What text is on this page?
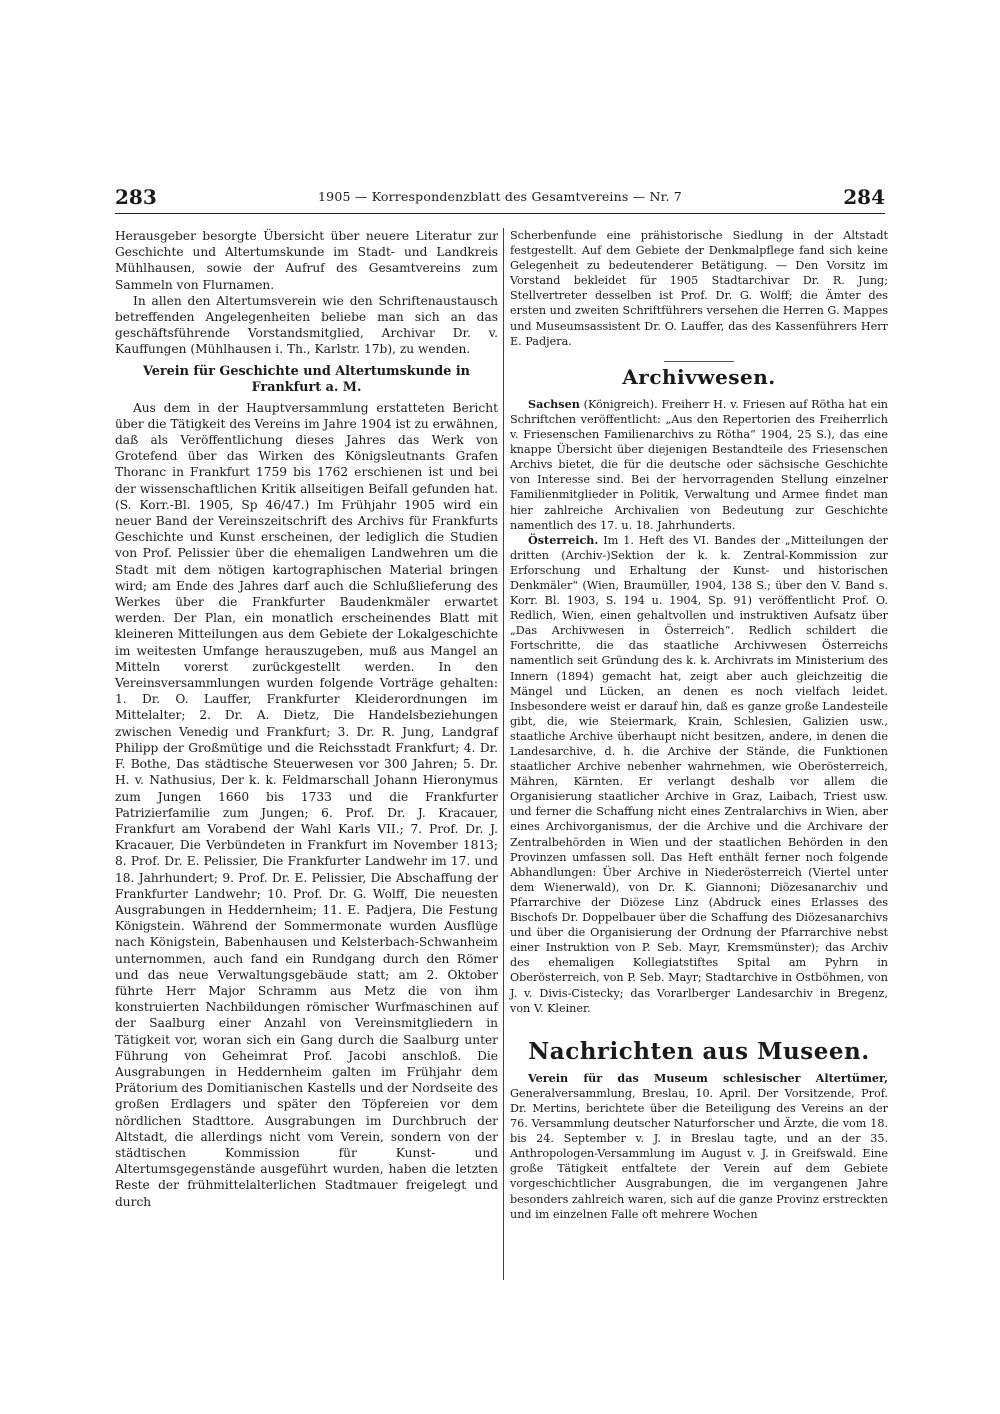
283	1905 — Korrespondenzblatt des Gesamtvereins — Nr. 7	284

Herausgeber besorgte Übersicht über neuere Literatur zur Geschichte und Altertumskunde im Stadt- und Landkreis Mühlhausen, sowie der Aufruf des Gesamtvereins zum Sammeln von Flurnamen.

In allen den Altertumsverein wie den Schriftenaustausch betreffenden Angelegenheiten beliebe man sich an das geschäftsführende Vorstandsmitglied, Archivar Dr. v. Kauffungen (Mühlhausen i. Th., Karlstr. 17b), zu wenden.

Verein für Geschichte und Altertumskunde in Frankfurt a. M.

Aus dem in der Hauptversammlung erstatteten Bericht über die Tätigkeit des Vereins im Jahre 1904 ist zu erwähnen, daß als Veröffentlichung dieses Jahres das Werk von Grotefend über das Wirken des Königsleutnants Grafen Thoranc in Frankfurt 1759 bis 1762 erschienen ist und bei der wissenschaftlichen Kritik allseitigen Beifall gefunden hat. (S. Korr.-Bl. 1905, Sp 46/47.) Im Frühjahr 1905 wird ein neuer Band der Vereinszeitschrift des Archivs für Frankfurts Geschichte und Kunst erscheinen, der lediglich die Studien von Prof. Pelissier über die ehemaligen Landwehren um die Stadt mit dem nötigen kartographischen Material bringen wird; am Ende des Jahres darf auch die Schlußlieferung des Werkes über die Frankfurter Baudenkmäler erwartet werden. Der Plan, ein monatlich erscheinendes Blatt mit kleineren Mitteilungen aus dem Gebiete der Lokalgeschichte im weitesten Umfange herauszugeben, muß aus Mangel an Mitteln vorerst zurückgestellt werden. In den Vereinsversammlungen wurden folgende Vorträge gehalten: 1. Dr. O. Lauffer, Frankfurter Kleiderordnungen im Mittelalter; 2. Dr. A. Dietz, Die Handelsbeziehungen zwischen Venedig und Frankfurt; 3. Dr. R. Jung, Landgraf Philipp der Großmütige und die Reichsstadt Frankfurt; 4. Dr. F. Bothe, Das städtische Steuerwesen vor 300 Jahren; 5. Dr. H. v. Nathusius, Der k. k. Feldmarschall Johann Hieronymus zum Jungen 1660 bis 1733 und die Frankfurter Patrizierfamilie zum Jungen; 6. Prof. Dr. J. Kracauer, Frankfurt am Vorabend der Wahl Karls VII.; 7. Prof. Dr. J. Kracauer, Die Verbündeten in Frankfurt im November 1813; 8. Prof. Dr. E. Pelissier, Die Frankfurter Landwehr im 17. und 18. Jahrhundert; 9. Prof. Dr. E. Pelissier, Die Abschaffung der Frankfurter Landwehr; 10. Prof. Dr. G. Wolff, Die neuesten Ausgrabungen in Heddernheim; 11. E. Padjera, Die Festung Königstein. Während der Sommermonate wurden Ausflüge nach Königstein, Babenhausen und Kelsterbach-Schwanheim unternommen, auch fand ein Rundgang durch den Römer und das neue Verwaltungsgebäude statt; am 2. Oktober führte Herr Major Schramm aus Metz die von ihm konstruierten Nachbildungen römischer Wurfmaschinen auf der Saalburg einer Anzahl von Vereinsmitgliedern in Tätigkeit vor, woran sich ein Gang durch die Saalburg unter Führung von Geheimrat Prof. Jacobi anschloß. Die Ausgrabungen in Heddernheim galten im Frühjahr dem Prätorium des Domitianischen Kastells und der Nordseite des großen Erdlagers und später den Töpfereien vor dem nördlichen Stadttore. Ausgrabungen im Durchbruch der Altstadt, die allerdings nicht vom Verein, sondern von der städtischen Kommission für Kunst- und Altertumsgegenstände ausgeführt wurden, haben die letzten Reste der frühmittelalterlichen Stadtmauer freigelegt und durch

Scherbenfunde eine prähistorische Siedlung in der Altstadt festgestellt. Auf dem Gebiete der Denkmalpflege fand sich keine Gelegenheit zu bedeutenderer Betätigung. — Den Vorsitz im Vorstand bekleidet für 1905 Stadtarchivar Dr. R. Jung; Stellvertreter desselben ist Prof. Dr. G. Wolff; die Ämter des ersten und zweiten Schriftführers versehen die Herren G. Mappes und Museumsassistent Dr. O. Lauffer, das des Kassenführers Herr E. Padjera.

Archivwesen.

Sachsen (Königreich). Freiherr H. v. Friesen auf Rötha hat ein Schriftchen veröffentlicht: „Aus den Repertorien des Freiherrlich v. Friesenschen Familienarchivs zu Rötha“ 1904, 25 S.), das eine knappe Übersicht über diejenigen Bestandteile des Friesenschen Archivs bietet, die für die deutsche oder sächsische Geschichte von Interesse sind. Bei der hervorragenden Stellung einzelner Familienmitglieder in Politik, Verwaltung und Armee findet man hier zahlreiche Archivalien von Bedeutung zur Geschichte namentlich des 17. u. 18. Jahrhunderts.

Österreich. Im 1. Heft des VI. Bandes der „Mitteilungen der dritten (Archiv-)Sektion der k. k. Zentral-Kommission zur Erforschung und Erhaltung der Kunst- und historischen Denkmäler“ (Wien, Braumüller, 1904, 138 S.; über den V. Band s. Korr. Bl. 1903, S. 194 u. 1904, Sp. 91) veröffentlicht Prof. O. Redlich, Wien, einen gehaltvollen und instruktiven Aufsatz über „Das Archivwesen in Österreich“. Redlich schildert die Fortschritte, die das staatliche Archivwesen Österreichs namentlich seit Gründung des k. k. Archivrats im Ministerium des Innern (1894) gemacht hat, zeigt aber auch gleichzeitig die Mängel und Lücken, an denen es noch vielfach leidet. Insbesondere weist er darauf hin, daß es ganze große Landesteile gibt, die, wie Steiermark, Krain, Schlesien, Galizien usw., staatliche Archive überhaupt nicht besitzen, andere, in denen die Landesarchive, d. h. die Archive der Stände, die Funktionen staatlicher Archive nebenher wahrnehmen, wie Oberösterreich, Mähren, Kärnten. Er verlangt deshalb vor allem die Organisierung staatlicher Archive in Graz, Laibach, Triest usw. und ferner die Schaffung nicht eines Zentralarchivs in Wien, aber eines Archivorganismus, der die Archive und die Archivare der Zentralbehörden in Wien und der staatlichen Behörden in den Provinzen umfassen soll. Das Heft enthält ferner noch folgende Abhandlungen: Über Archive in Niederösterreich (Viertel unter dem Wienerwald), von Dr. K. Giannoni; Diözesanarchiv und Pfarrarchive der Diözese Linz (Abdruck eines Erlasses des Bischofs Dr. Doppelbauer über die Schaffung des Diözesanarchivs und über die Organisierung der Ordnung der Pfarrarchive nebst einer Instruktion von P. Seb. Mayr, Kremsmünster); das Archiv des ehemaligen Kollegiatstiftes Spital am Pyhrn in Oberösterreich, von P. Seb. Mayr; Stadtarchive in Ostböhmen, von J. v. Divis-Cistecky; das Vorarlberger Landesarchiv in Bregenz, von V. Kleiner.

Nachrichten aus Museen.

Verein für das Museum schlesischer Altertümer, Generalversammlung, Breslau, 10. April. Der Vorsitzende, Prof. Dr. Mertins, berichtete über die Beteiligung des Vereins an der 76. Versammlung deutscher Naturforscher und Ärzte, die vom 18. bis 24. September v. J. in Breslau tagte, und an der 35. Anthropologen-Versammlung im August v. J. in Greifswald. Eine große Tätigkeit entfaltete der Verein auf dem Gebiete vorgeschichtlicher Ausgrabungen, die im vergangenen Jahre besonders zahlreich waren, sich auf die ganze Provinz erstreckten und im einzelnen Falle oft mehrere Wochen
